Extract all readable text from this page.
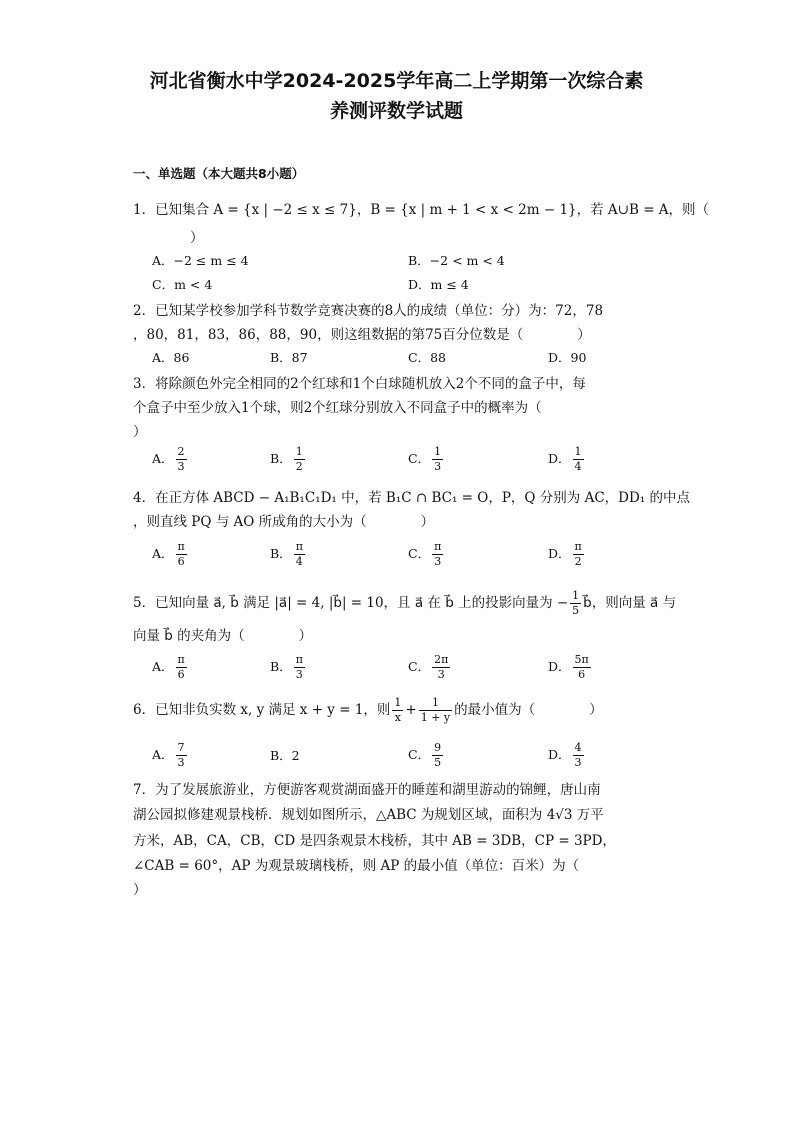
河北省衡水中学2024-2025学年高二上学期第一次综合素
养测评数学试题
一、单选题（本大题共8小题）
1．已知集合 A = {x | −2 ≤ x ≤ 7}，B = {x | m + 1 < x < 2m − 1}，若 A∪B = A，则（
）
A．−2 ≤ m ≤ 4	B．−2 < m < 4
C．m < 4	D．m ≤ 4
2．已知某学校参加学科节数学竞赛决赛的8人的成绩（单位：分）为：72，78
，80，81，83，86，88，90，则这组数据的第75百分位数是（　　　　）
A．86	B．87	C．88	D．90
3．将除颜色外完全相同的2个红球和1个白球随机放入2个不同的盒子中，每
个盒子中至少放入1个球，则2个红球分别放入不同盒子中的概率为（
）
A． $\frac{2}{3}$	B． $\frac{1}{2}$	C． $\frac{1}{3}$	D． $\frac{1}{4}$
4．在正方体 ABCD − A₁B₁C₁D₁ 中，若 B₁C ∩ BC₁ = O，P，Q 分别为 AC，DD₁ 的中点
，则直线 PQ 与 AO 所成角的大小为（　　　　）
A． $\frac{\pi}{6}$	B． $\frac{\pi}{4}$	C． $\frac{\pi}{3}$	D． $\frac{\pi}{2}$
5．已知向量 a⃗, b⃗ 满足 |a⃗| = 4, |b⃗| = 10，且 a⃗ 在 b⃗ 上的投影向量为 − $\frac{1}{5}$ b⃗，则向量 a⃗ 与
向量 b⃗ 的夹角为（　　　　）
A． $\frac{\pi}{6}$	B． $\frac{\pi}{3}$	C． $\frac{2\pi}{3}$	D． $\frac{5\pi}{6}$
6．已知非负实数 x, y 满足 x + y = 1，则 $\frac{1}{x} + \frac{1}{1 + y}$ 的最小值为（　　　　）
A． $\frac{7}{3}$	B．2	C． $\frac{9}{5}$	D． $\frac{4}{3}$
7．为了发展旅游业，方便游客观赏湖面盛开的睡莲和湖里游动的锦鲤，唐山南
湖公园拟修建观景栈桥．规划如图所示，△ABC 为规划区域，面积为 4√3 万平
方米，AB，CA，CB，CD 是四条观景木栈桥，其中 AB = 3DB，CP = 3PD，
∠CAB = 60°，AP 为观景玻璃栈桥，则 AP 的最小值（单位：百米）为（
）
